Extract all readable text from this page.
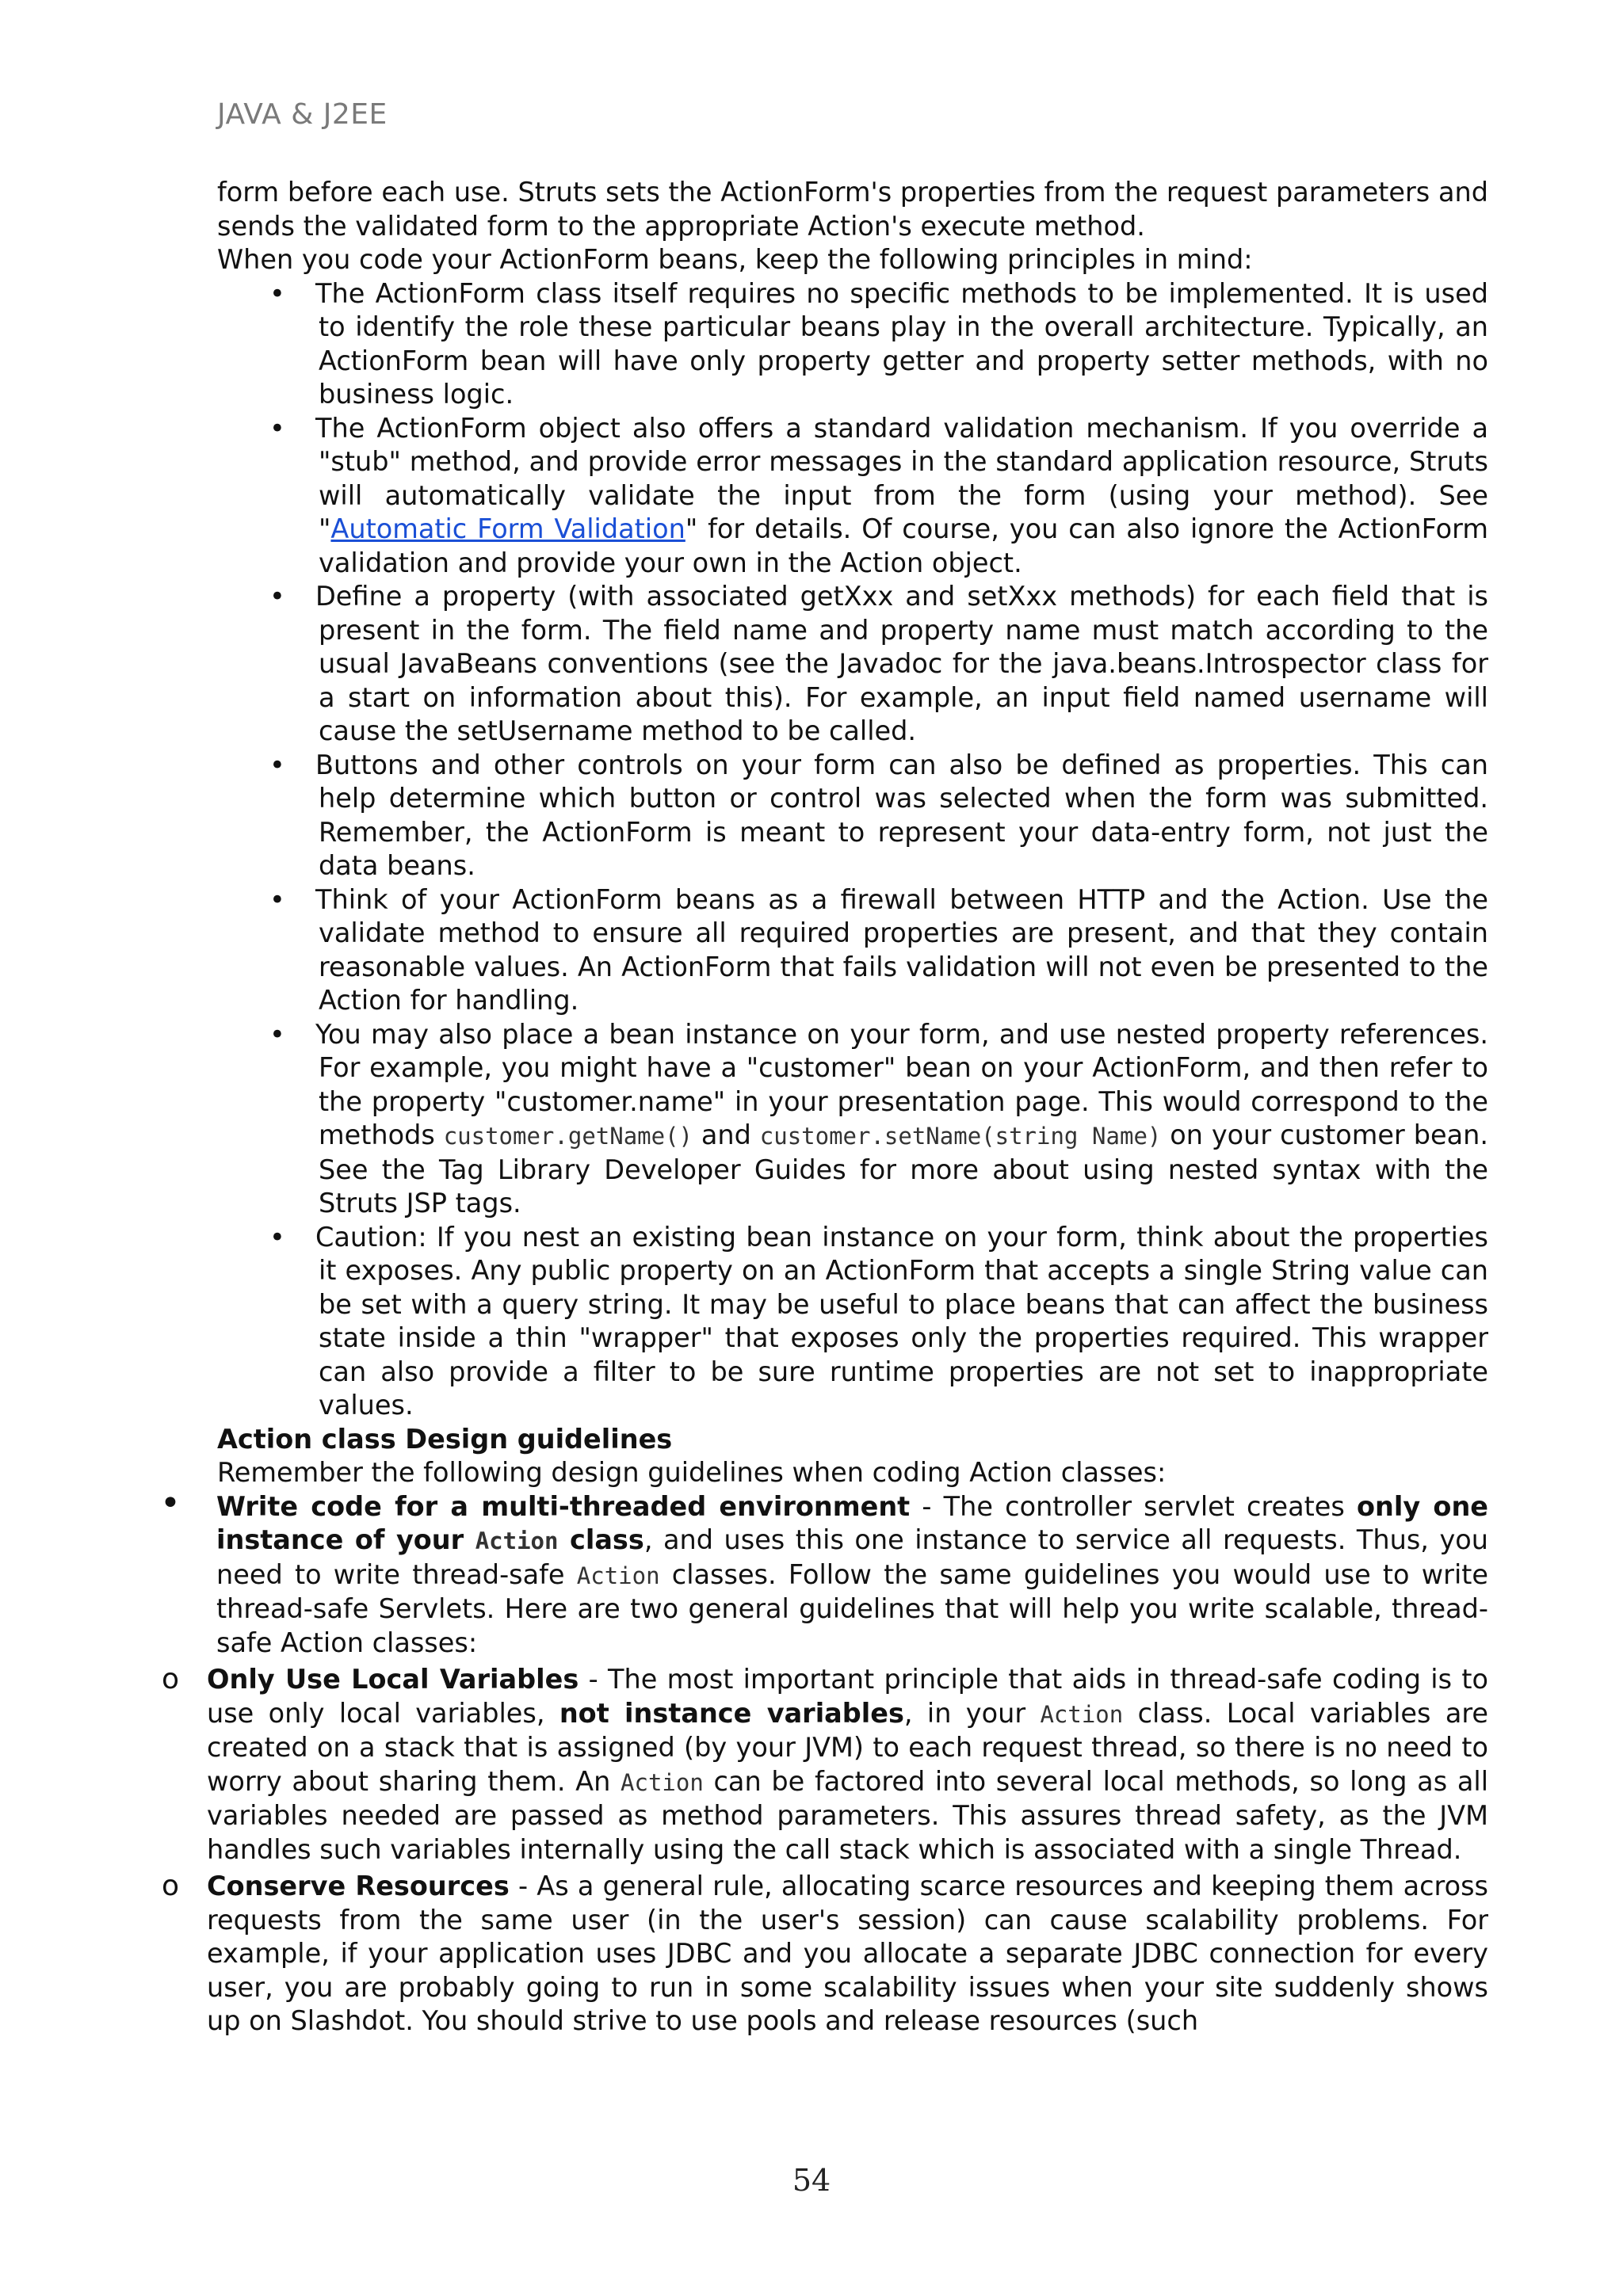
JAVA & J2EE

form before each use. Struts sets the ActionForm's properties from the request parameters and sends the validated form to the appropriate Action's execute method.

When you code your ActionForm beans, keep the following principles in mind:

• The ActionForm class itself requires no specific methods to be implemented. It is used to identify the role these particular beans play in the overall architecture. Typically, an ActionForm bean will have only property getter and property setter methods, with no business logic.
• The ActionForm object also offers a standard validation mechanism. If you override a "stub" method, and provide error messages in the standard application resource, Struts will automatically validate the input from the form (using your method). See "Automatic Form Validation" for details. Of course, you can also ignore the ActionForm validation and provide your own in the Action object.
• Define a property (with associated getXxx and setXxx methods) for each field that is present in the form. The field name and property name must match according to the usual JavaBeans conventions (see the Javadoc for the java.beans.Introspector class for a start on information about this). For example, an input field named username will cause the setUsername method to be called.
• Buttons and other controls on your form can also be defined as properties. This can help determine which button or control was selected when the form was submitted. Remember, the ActionForm is meant to represent your data-entry form, not just the data beans.
• Think of your ActionForm beans as a firewall between HTTP and the Action. Use the validate method to ensure all required properties are present, and that they contain reasonable values. An ActionForm that fails validation will not even be presented to the Action for handling.
• You may also place a bean instance on your form, and use nested property references. For example, you might have a "customer" bean on your ActionForm, and then refer to the property "customer.name" in your presentation page. This would correspond to the methods customer.getName() and customer.setName(string Name) on your customer bean. See the Tag Library Developer Guides for more about using nested syntax with the Struts JSP tags.
• Caution: If you nest an existing bean instance on your form, think about the properties it exposes. Any public property on an ActionForm that accepts a single String value can be set with a query string. It may be useful to place beans that can affect the business state inside a thin "wrapper" that exposes only the properties required. This wrapper can also provide a filter to be sure runtime properties are not set to inappropriate values.

Action class Design guidelines

Remember the following design guidelines when coding Action classes:

• Write code for a multi-threaded environment - The controller servlet creates only one instance of your Action class, and uses this one instance to service all requests. Thus, you need to write thread-safe Action classes. Follow the same guidelines you would use to write thread-safe Servlets. Here are two general guidelines that will help you write scalable, thread-safe Action classes:
o Only Use Local Variables - The most important principle that aids in thread-safe coding is to use only local variables, not instance variables, in your Action class. Local variables are created on a stack that is assigned (by your JVM) to each request thread, so there is no need to worry about sharing them. An Action can be factored into several local methods, so long as all variables needed are passed as method parameters. This assures thread safety, as the JVM handles such variables internally using the call stack which is associated with a single Thread.
o Conserve Resources - As a general rule, allocating scarce resources and keeping them across requests from the same user (in the user's session) can cause scalability problems. For example, if your application uses JDBC and you allocate a separate JDBC connection for every user, you are probably going to run in some scalability issues when your site suddenly shows up on Slashdot. You should strive to use pools and release resources (such
54
